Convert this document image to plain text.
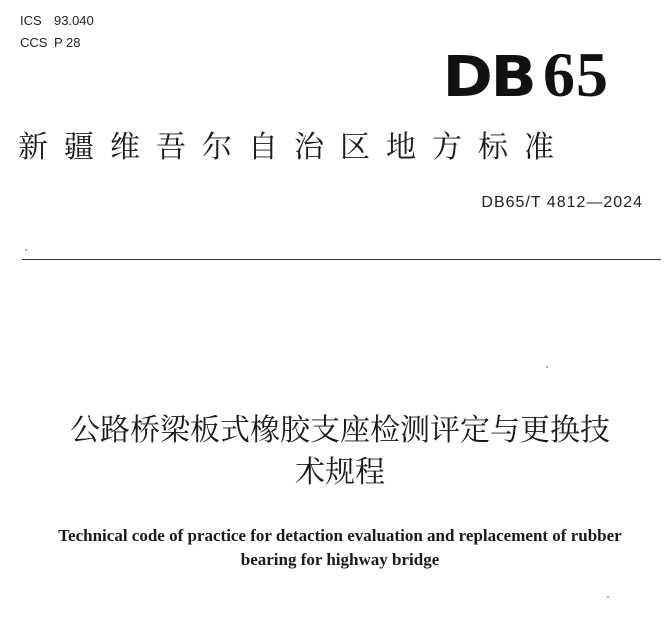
ICS 93.040
CCS P 28
DB 65
新疆维吾尔自治区地方标准
DB65/T 4812—2024
公路桥梁板式橡胶支座检测评定与更换技
术规程
Technical code of practice for detaction evaluation and replacement of rubber
bearing for highway bridge
